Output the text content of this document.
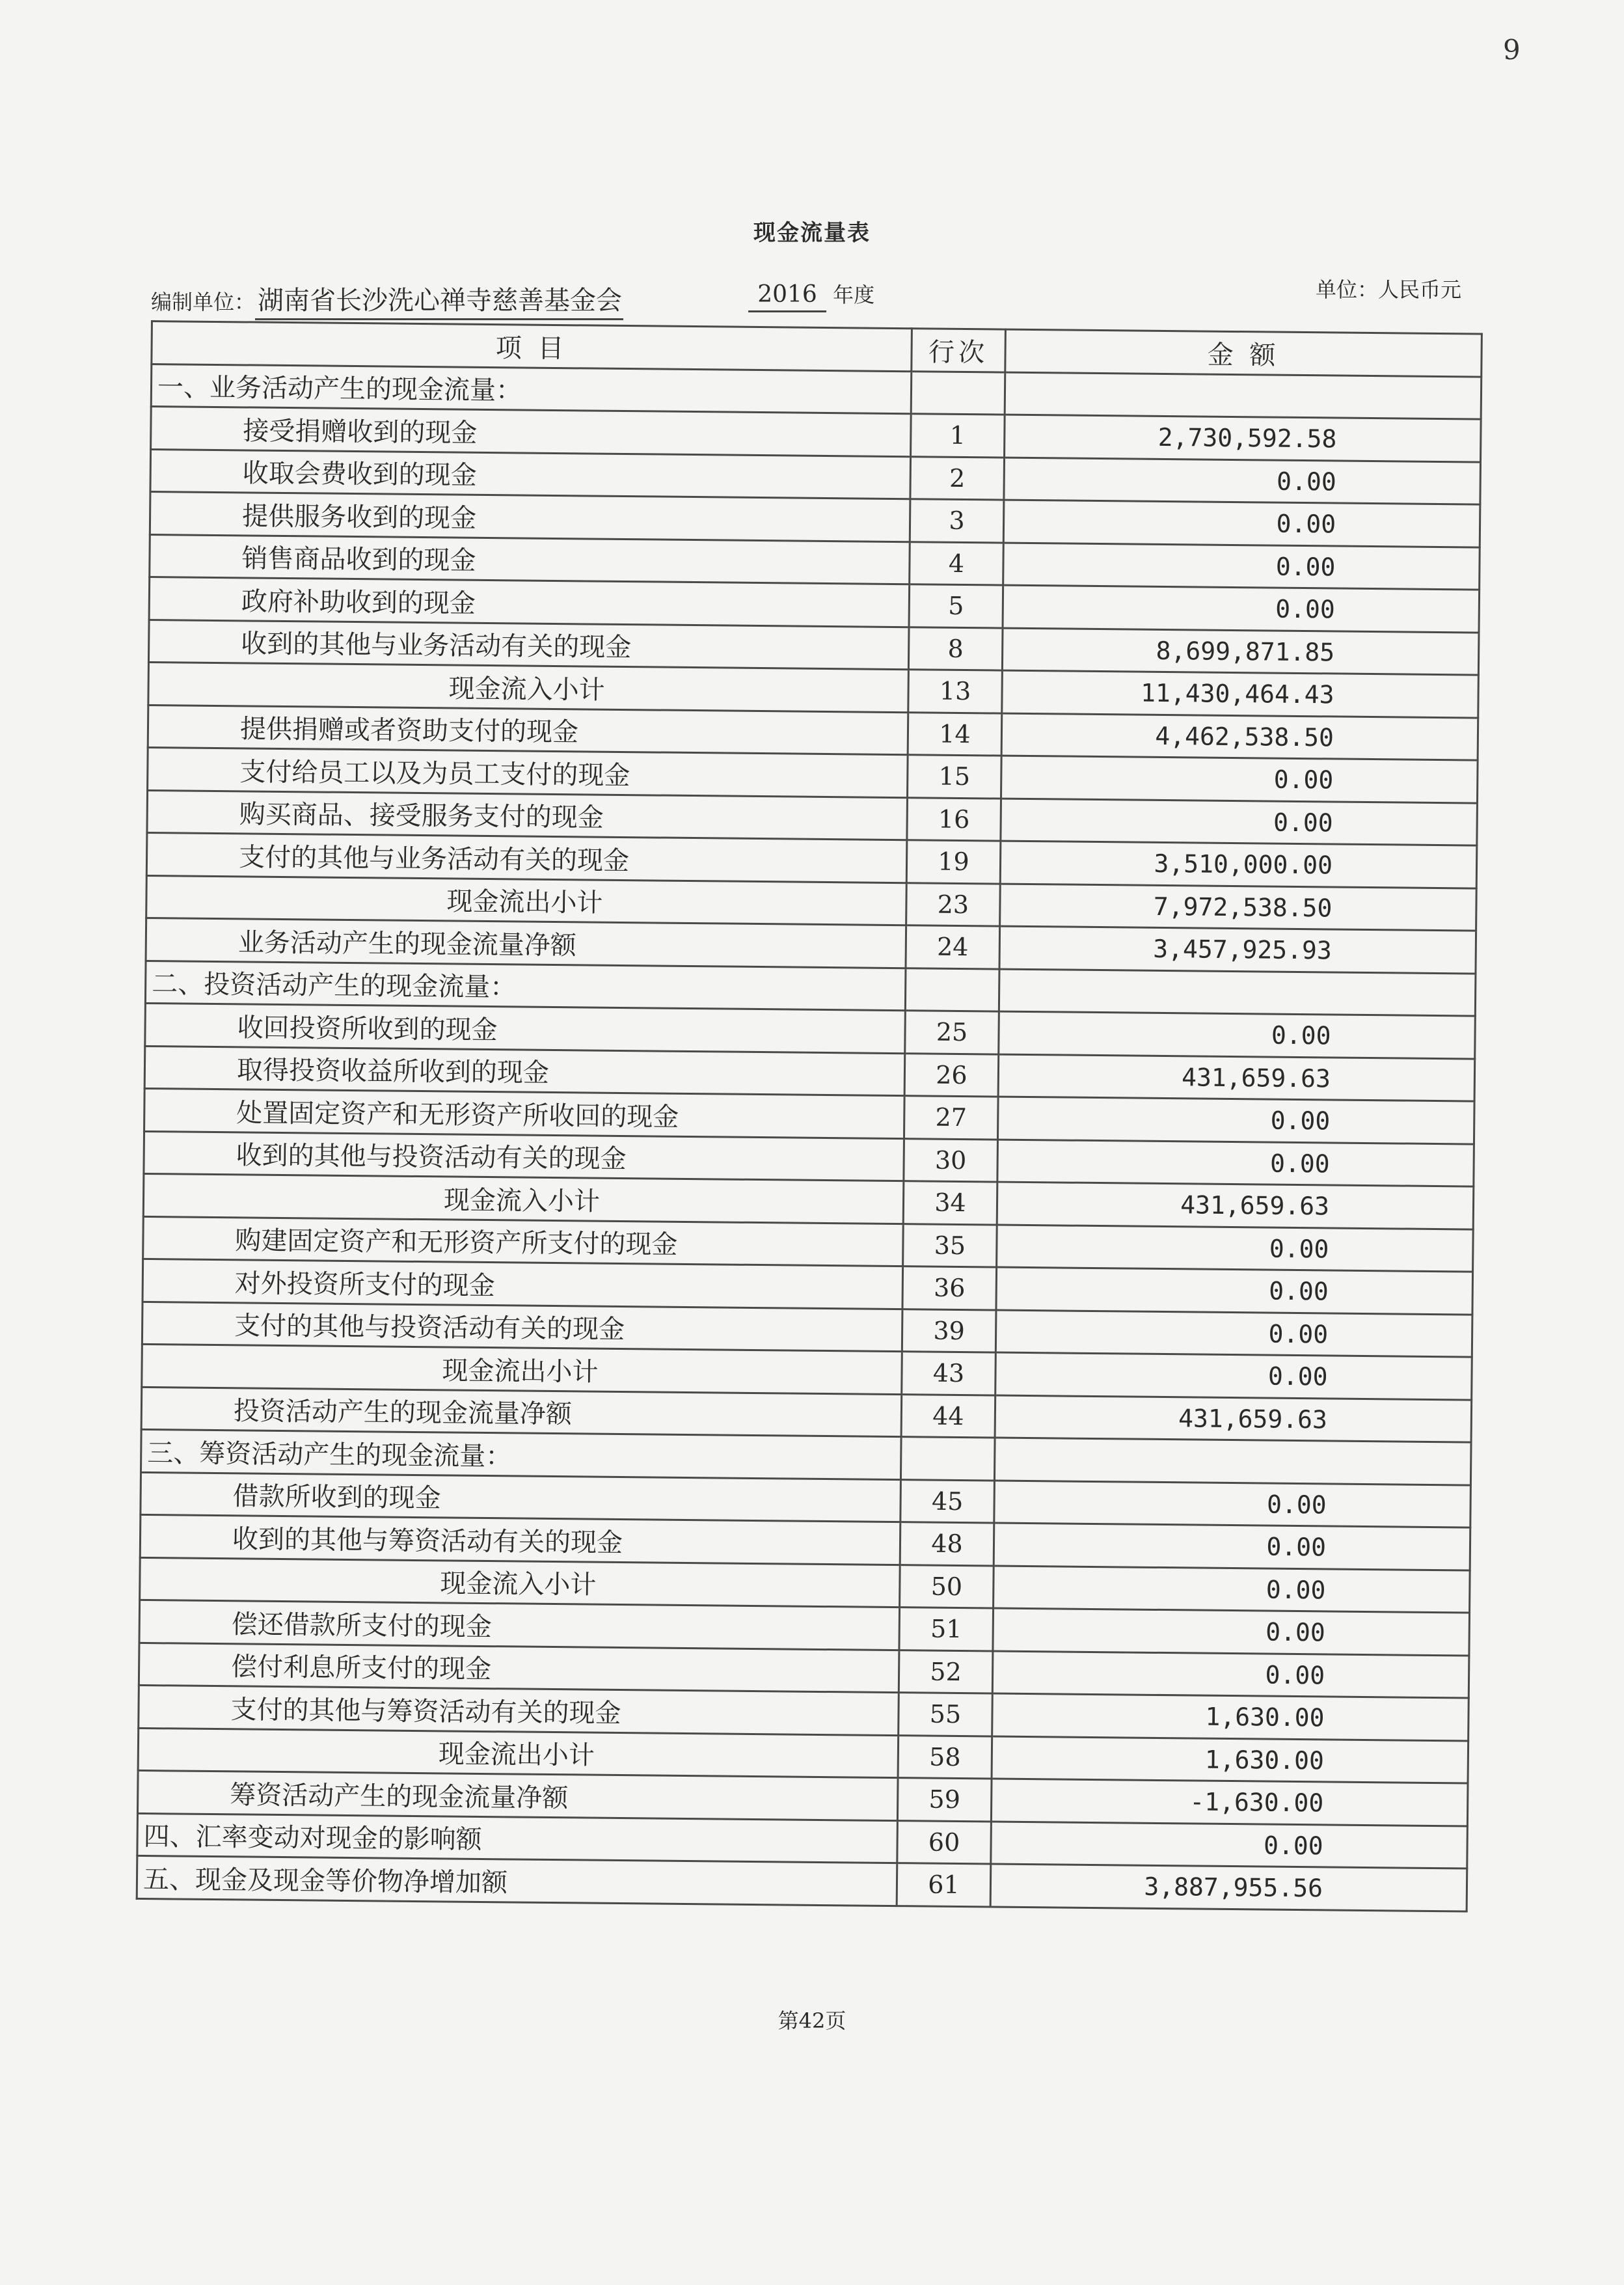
9
现金流量表
编制单位： 湖南省长沙洗心禅寺慈善基金会	2016 年度	单位：人民币元
项 目	行次	金 额
一、业务活动产生的现金流量：		
接受捐赠收到的现金	1	2,730,592.58
收取会费收到的现金	2	0.00
提供服务收到的现金	3	0.00
销售商品收到的现金	4	0.00
政府补助收到的现金	5	0.00
收到的其他与业务活动有关的现金	8	8,699,871.85
现金流入小计	13	11,430,464.43
提供捐赠或者资助支付的现金	14	4,462,538.50
支付给员工以及为员工支付的现金	15	0.00
购买商品、接受服务支付的现金	16	0.00
支付的其他与业务活动有关的现金	19	3,510,000.00
现金流出小计	23	7,972,538.50
业务活动产生的现金流量净额	24	3,457,925.93
二、投资活动产生的现金流量：		
收回投资所收到的现金	25	0.00
取得投资收益所收到的现金	26	431,659.63
处置固定资产和无形资产所收回的现金	27	0.00
收到的其他与投资活动有关的现金	30	0.00
现金流入小计	34	431,659.63
购建固定资产和无形资产所支付的现金	35	0.00
对外投资所支付的现金	36	0.00
支付的其他与投资活动有关的现金	39	0.00
现金流出小计	43	0.00
投资活动产生的现金流量净额	44	431,659.63
三、筹资活动产生的现金流量：		
借款所收到的现金	45	0.00
收到的其他与筹资活动有关的现金	48	0.00
现金流入小计	50	0.00
偿还借款所支付的现金	51	0.00
偿付利息所支付的现金	52	0.00
支付的其他与筹资活动有关的现金	55	1,630.00
现金流出小计	58	1,630.00
筹资活动产生的现金流量净额	59	-1,630.00
四、汇率变动对现金的影响额	60	0.00
五、现金及现金等价物净增加额	61	3,887,955.56
第42页
